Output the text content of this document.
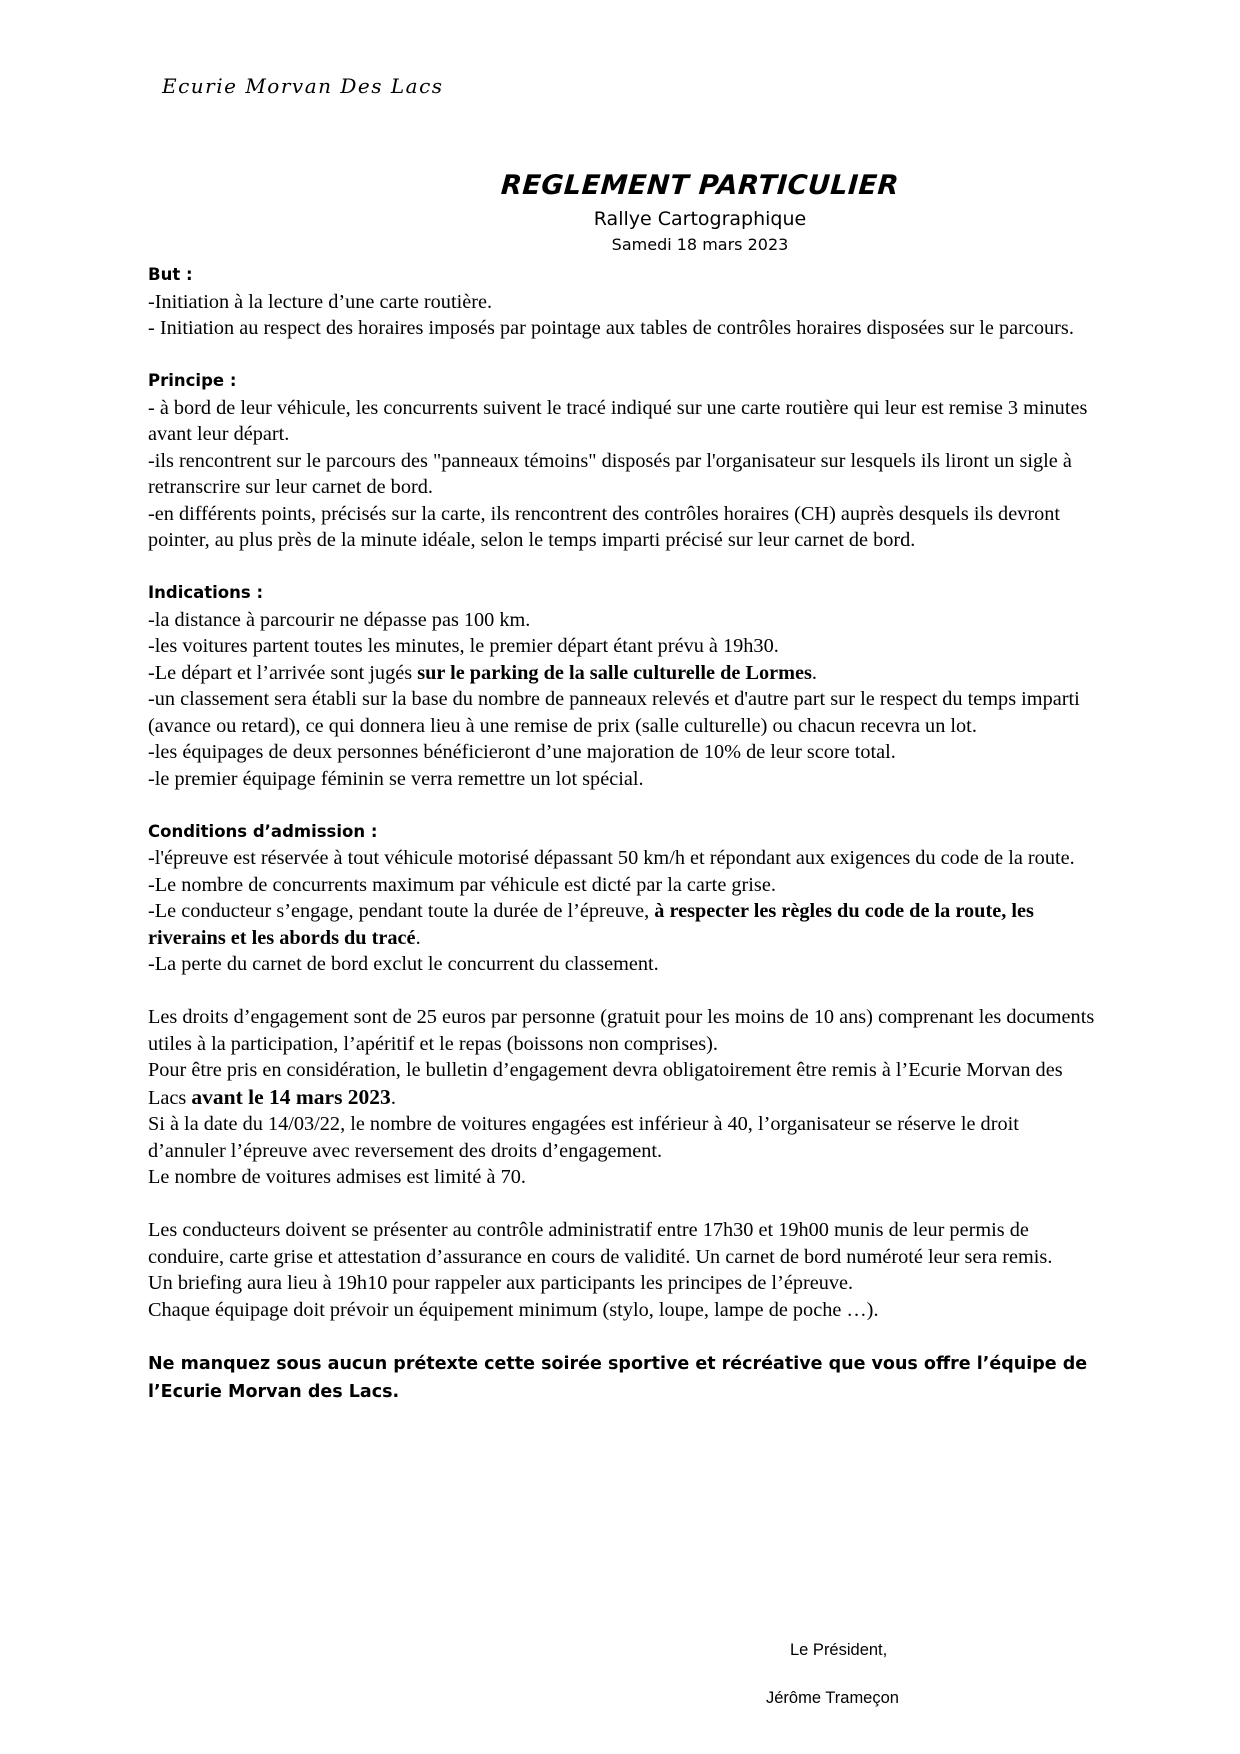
Ecurie Morvan Des Lacs
REGLEMENT PARTICULIER
Rallye Cartographique
Samedi 18 mars 2023
But :

-Initiation à la lecture d’une carte routière.

- Initiation au respect des horaires imposés par pointage aux tables de contrôles horaires disposées sur le parcours.

Principe :

- à bord de leur véhicule, les concurrents suivent le tracé indiqué sur une carte routière qui leur est remise 3 minutes avant leur départ.

-ils rencontrent sur le parcours des "panneaux témoins" disposés par l'organisateur sur lesquels ils liront un sigle à retranscrire sur leur carnet de bord.

-en différents points, précisés sur la carte, ils rencontrent des contrôles horaires (CH) auprès desquels ils devront pointer, au plus près de la minute idéale, selon le temps imparti précisé sur leur carnet de bord.

Indications :

-la distance à parcourir ne dépasse pas 100 km.

-les voitures partent toutes les minutes, le premier départ étant prévu à 19h30.

-Le départ et l’arrivée sont jugés sur le parking de la salle culturelle de Lormes.

-un classement sera établi sur la base du nombre de panneaux relevés et d'autre part sur le respect du temps imparti (avance ou retard), ce qui donnera lieu à une remise de prix (salle culturelle) ou chacun recevra un lot.

-les équipages de deux personnes bénéficieront d’une majoration de 10% de leur score total.

-le premier équipage féminin se verra remettre un lot spécial.

Conditions d’admission :

-l'épreuve est réservée à tout véhicule motorisé dépassant 50 km/h et répondant aux exigences du code de la route.

-Le nombre de concurrents maximum par véhicule est dicté par la carte grise.

-Le conducteur s’engage, pendant toute la durée de l’épreuve, à respecter les règles du code de la route, les riverains et les abords du tracé.

-La perte du carnet de bord exclut le concurrent du classement.

Les droits d’engagement sont de 25 euros par personne (gratuit pour les moins de 10 ans) comprenant les documents utiles à la participation, l’apéritif et le repas (boissons non comprises).

Pour être pris en considération, le bulletin d’engagement devra obligatoirement être remis à l’Ecurie Morvan des Lacs avant le 14 mars 2023.

Si à la date du 14/03/22, le nombre de voitures engagées est inférieur à 40, l’organisateur se réserve le droit d’annuler l’épreuve avec reversement des droits d’engagement.

Le nombre de voitures admises est limité à 70.

Les conducteurs doivent se présenter au contrôle administratif entre 17h30 et 19h00 munis de leur permis de conduire, carte grise et attestation d’assurance en cours de validité. Un carnet de bord numéroté leur sera remis.

Un briefing aura lieu à 19h10 pour rappeler aux participants les principes de l’épreuve.

Chaque équipage doit prévoir un équipement minimum (stylo, loupe, lampe de poche …).

Ne manquez sous aucun prétexte cette soirée sportive et récréative que vous offre l’équipe de l’Ecurie Morvan des Lacs.
Le Président,
Jérôme Trameçon
